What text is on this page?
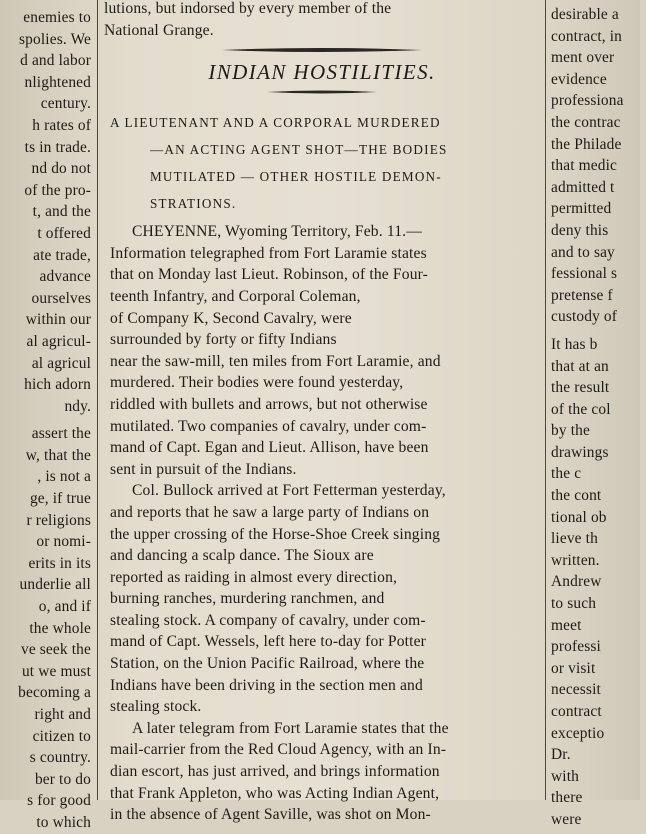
enemies to
spolies. We
d and labor
nlightened
century.
h rates of
ts in trade.
nd do not
of the pro-
t, and the
t offered
ate trade,
advance
ourselves
within our
al agricul-
al agricul
hich adorn
ndy.
assert the
w, that the
, is not a
ge, if true
r religions
or nomi-
erits in its
underlie all
o, and if
the whole
ve seek the
ut we must
becoming a
right and
citizen to
s country.
ber to do
s for good
to which
lutions, but indorsed by every member of the
National Grange.
INDIAN HOSTILITIES.
A LIEUTENANT AND A CORPORAL MURDERED
—AN ACTING AGENT SHOT—THE BODIES
MUTILATED — OTHER HOSTILE DEMON-
STRATIONS.
CHEYENNE, Wyoming Territory, Feb. 11.—
Information telegraphed from Fort Laramie states
that on Monday last Lieut. Robinson, of the Four-
teenth Infantry, and Corporal Coleman,
of Company K, Second Cavalry, were
surrounded by forty or fifty Indians
near the saw-mill, ten miles from Fort Laramie, and
murdered. Their bodies were found yesterday,
riddled with bullets and arrows, but not otherwise
mutilated. Two companies of cavalry, under com-
mand of Capt. Egan and Lieut. Allison, have been
sent in pursuit of the Indians.
Col. Bullock arrived at Fort Fetterman yesterday,
and reports that he saw a large party of Indians on
the upper crossing of the Horse-Shoe Creek singing
and dancing a scalp dance. The Sioux are
reported as raiding in almost every direction,
burning ranches, murdering ranchmen, and
stealing stock. A company of cavalry, under com-
mand of Capt. Wessels, left here to-day for Potter
Station, on the Union Pacific Railroad, where the
Indians have been driving in the section men and
stealing stock.
A later telegram from Fort Laramie states that the
mail-carrier from the Red Cloud Agency, with an In-
dian escort, has just arrived, and brings information
that Frank Appleton, who was Acting Indian Agent,
in the absence of Agent Saville, was shot on Mon-
desirable a
contract, in
ment over
evidence
professiona
the contrac
the Philade
that medic
admitted t
permitted
deny this
and to say
fessional s
pretense f
custody of
It has b
that at an
the result
of the col
by the
drawings
the c
the cont
tional ob
lieve th
written.
Andrew
to such
meet
professi
or visit
necessit
contract
exceptio
Dr.
with
there
were
